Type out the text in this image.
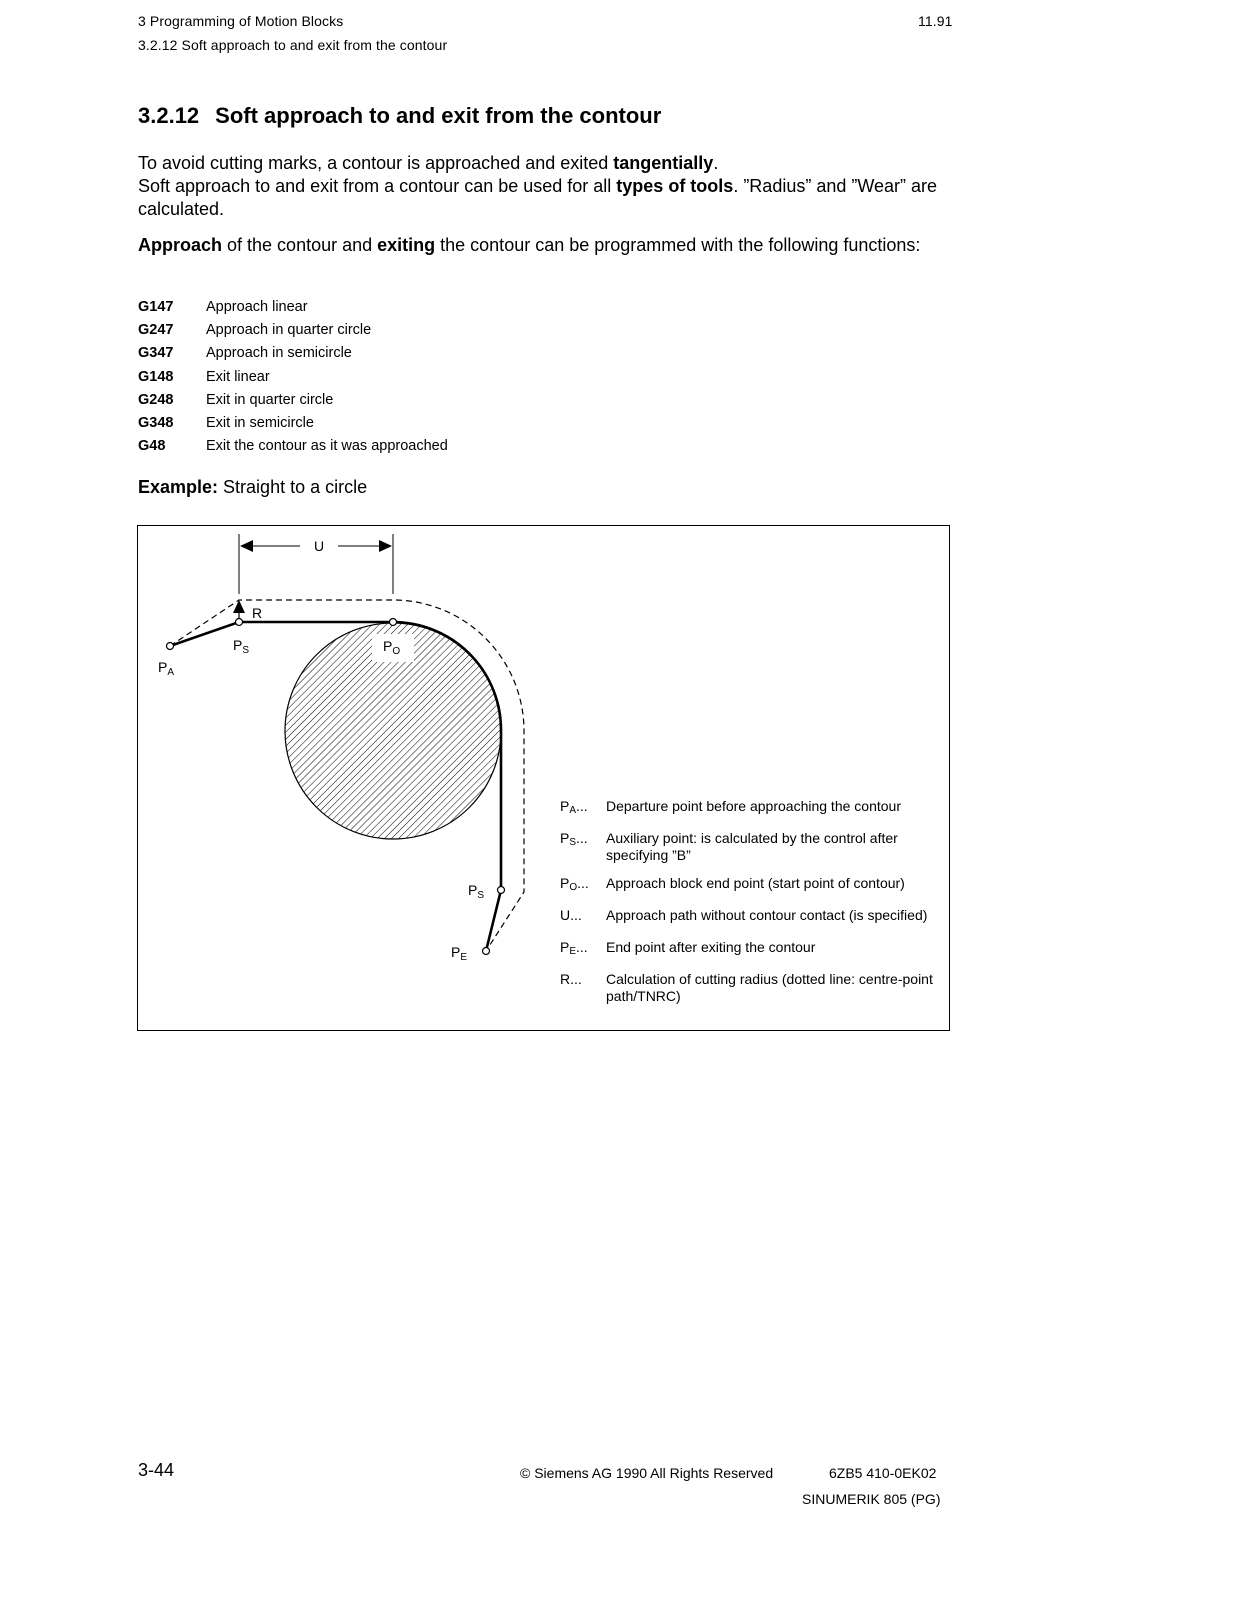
3 Programming of Motion Blocks	11.91
3.2.12 Soft approach to and exit from the contour
3.2.12 Soft approach to and exit from the contour
To avoid cutting marks, a contour is approached and exited tangentially.
Soft approach to and exit from a contour can be used for all types of tools. ”Radius” and ”Wear” are calculated.
Approach of the contour and exiting the contour can be programmed with the following functions:
G147	Approach linear
G247	Approach in quarter circle
G347	Approach in semicircle
G148	Exit linear
G248	Exit in quarter circle
G348	Exit in semicircle
G48	Exit the contour as it was approached
Example: Straight to a circle
U
R
$P_A$
$P_S$	$P_O$
$P_S$
$P_E$
$P_A$...	Departure point before approaching the contour
$P_S$...	Auxiliary point: is calculated by the control after specifying ”B”
$P_O$...	Approach block end point (start point of contour)
U...	Approach path without contour contact (is specified)
$P_E$...	End point after exiting the contour
R...	Calculation of cutting radius (dotted line: centre-point path/TNRC)
3-44	© Siemens AG 1990 All Rights Reserved	6ZB5 410-0EK02
SINUMERIK 805 (PG)
